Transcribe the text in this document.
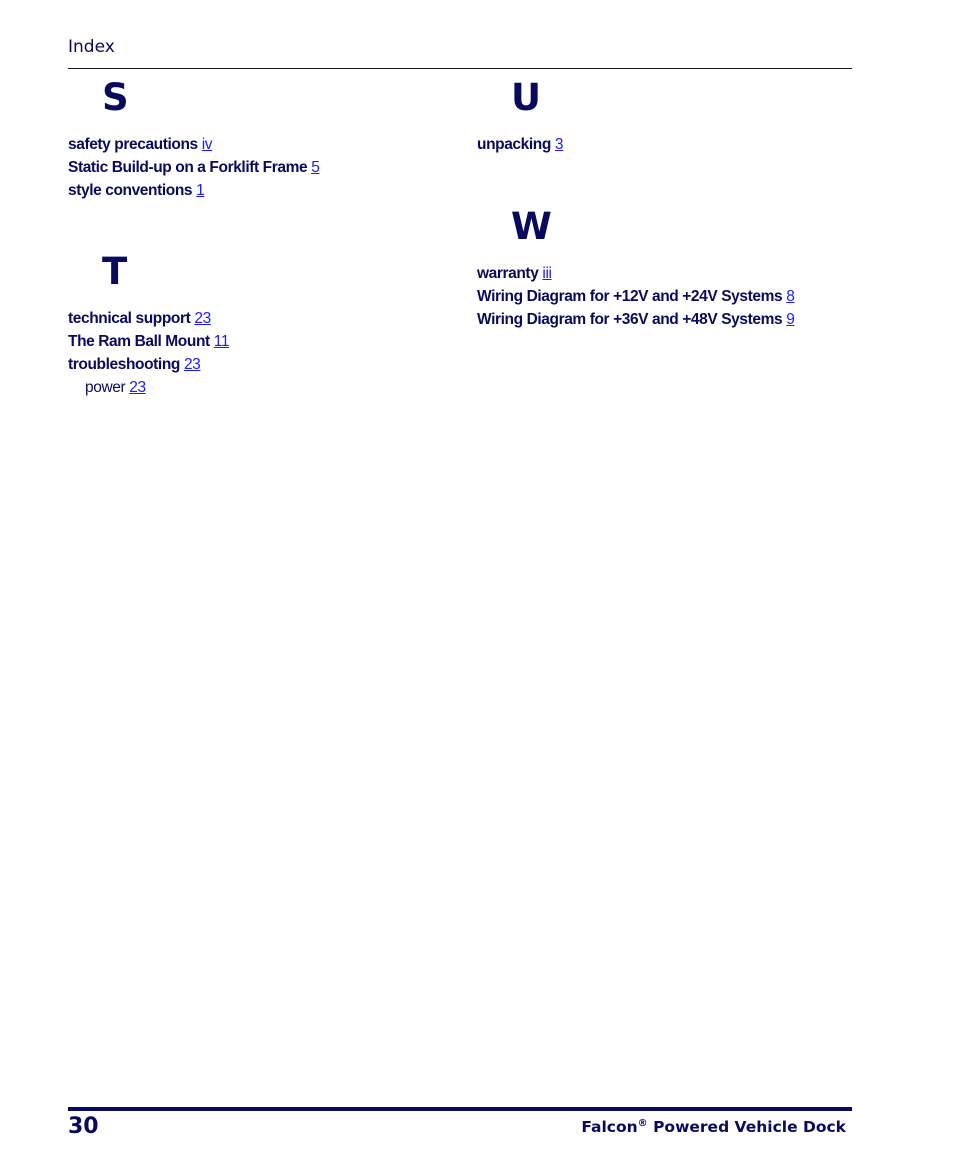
Index
S
safety precautions iv
Static Build-up on a Forklift Frame 5
style conventions 1
T
technical support 23
The Ram Ball Mount 11
troubleshooting 23
power 23
U
unpacking 3
W
warranty iii
Wiring Diagram for +12V and +24V Systems 8
Wiring Diagram for +36V and +48V Systems 9
30	Falcon® Powered Vehicle Dock
